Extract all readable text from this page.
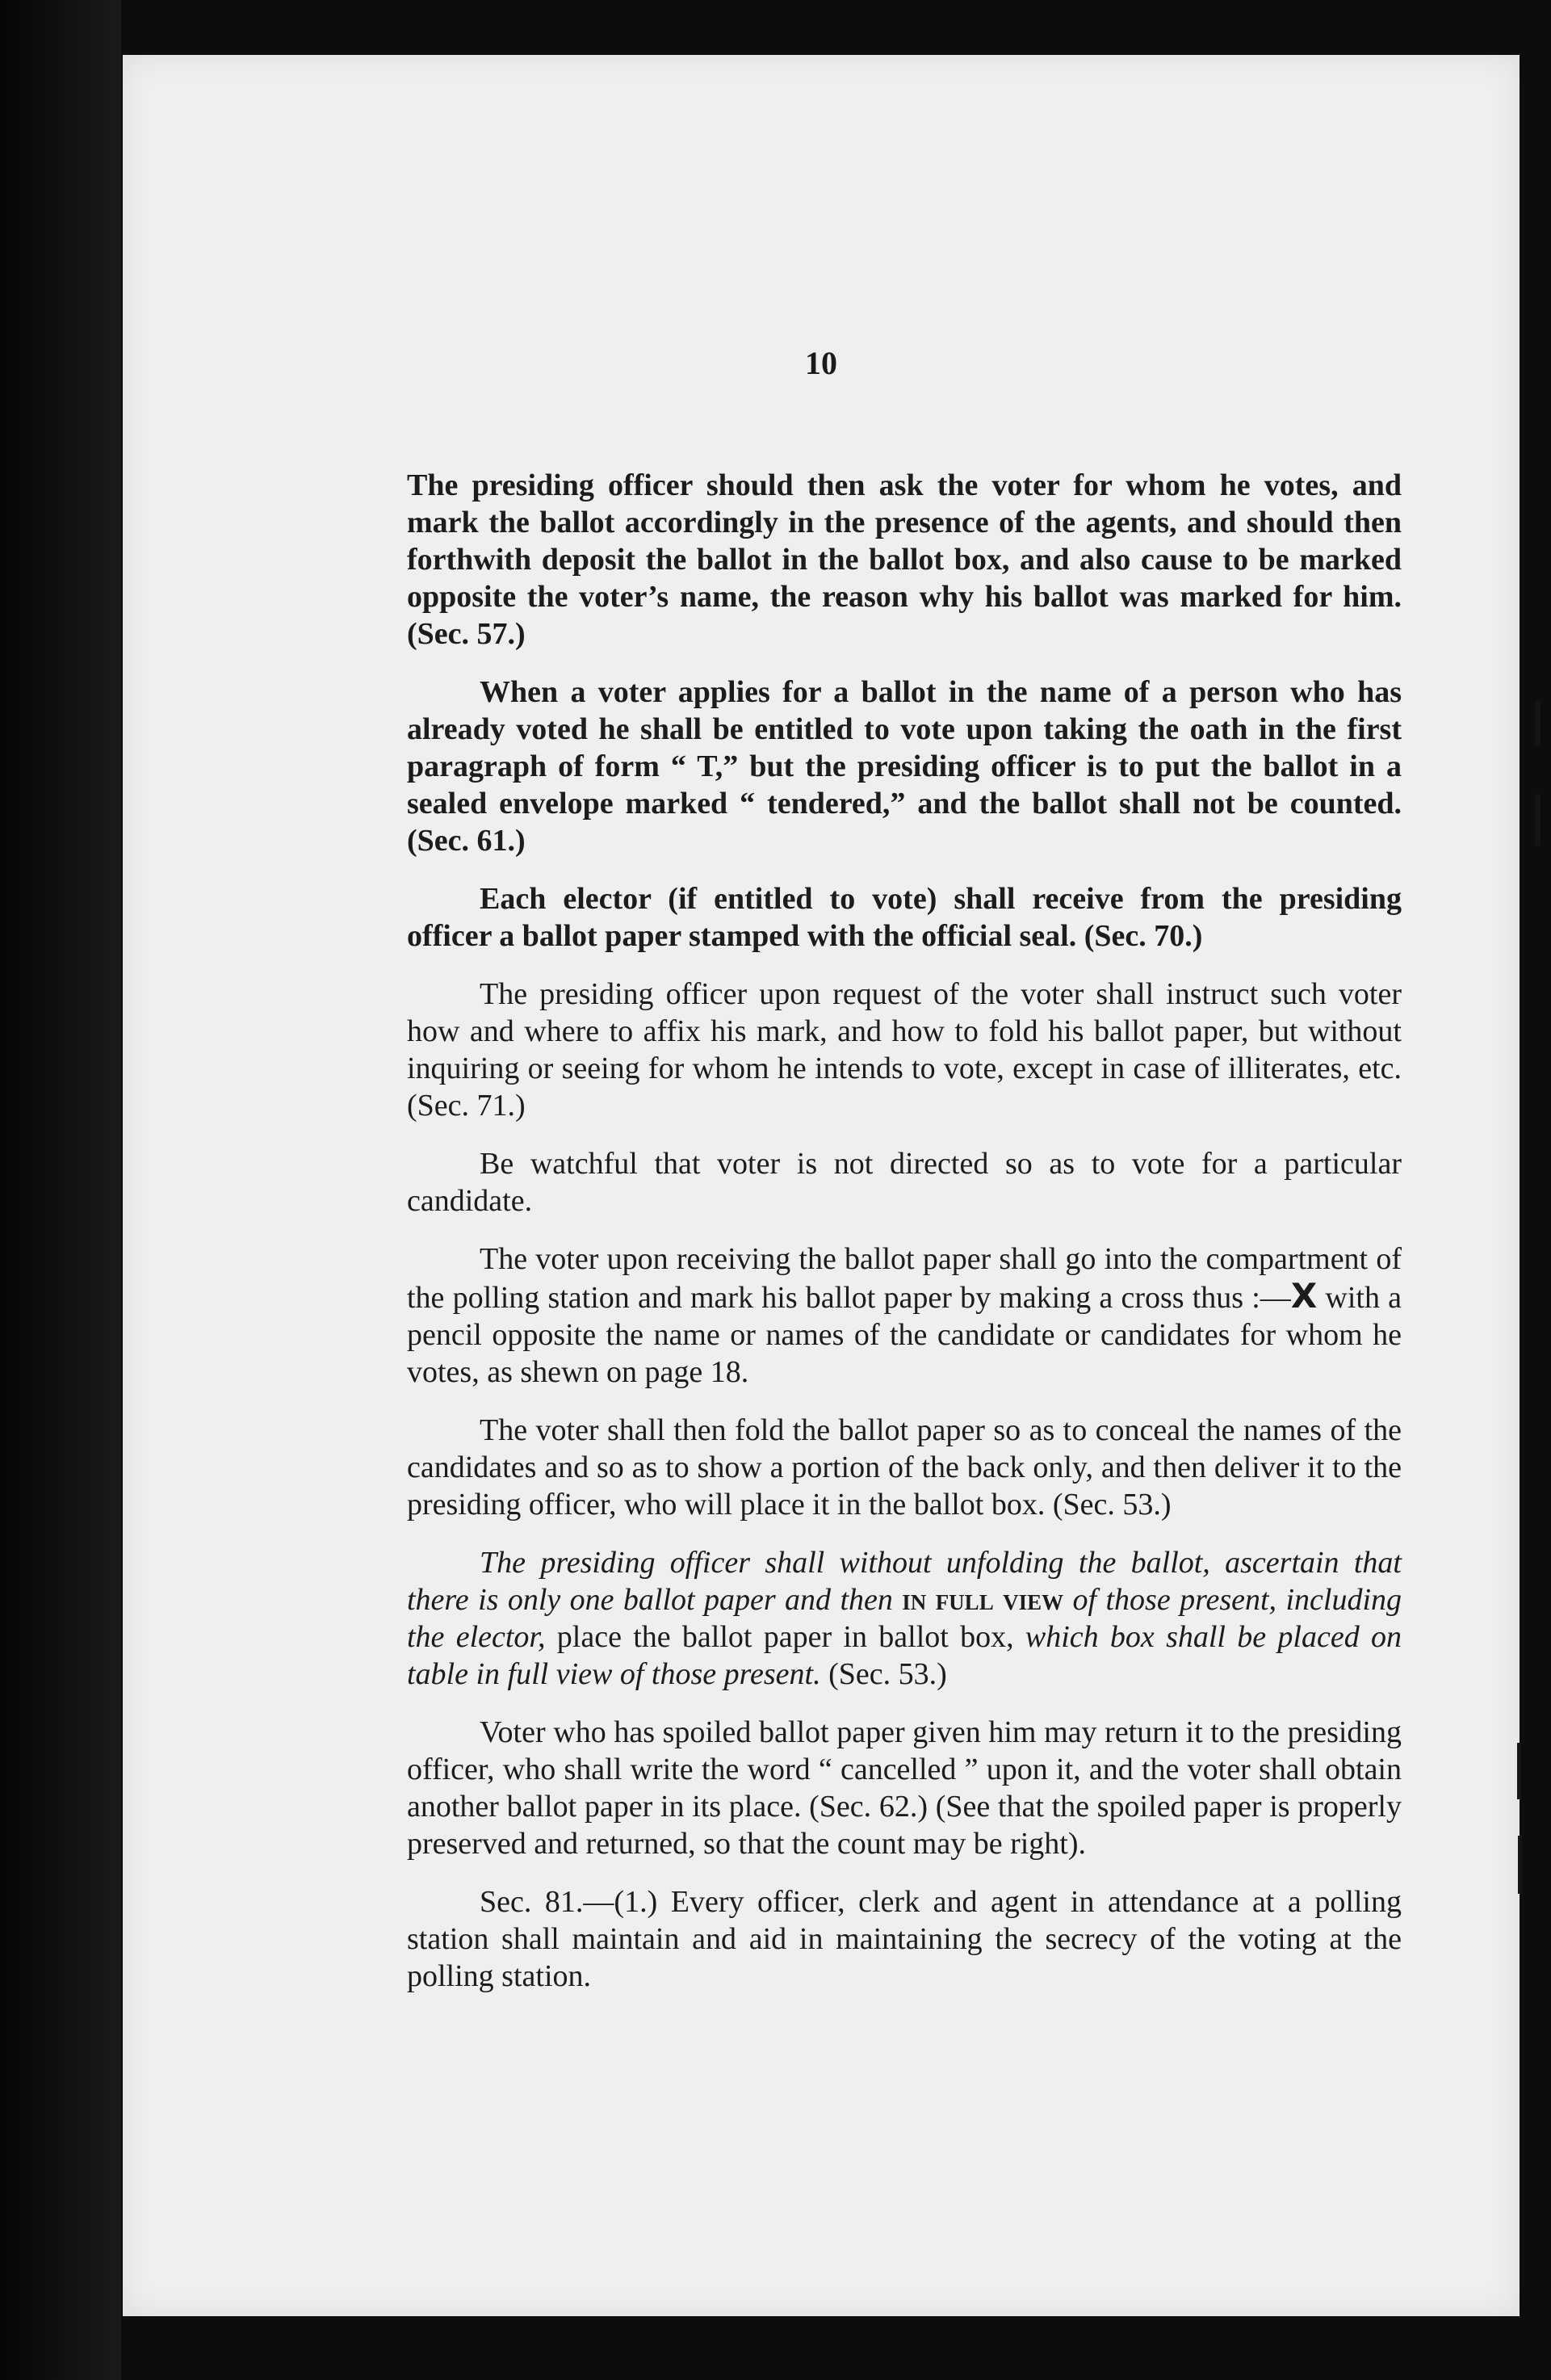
10

The presiding officer should then ask the voter for whom he votes, and mark the ballot accordingly in the presence of the agents, and should then forthwith deposit the ballot in the ballot box, and also cause to be marked opposite the voter’s name, the reason why his ballot was marked for him. (Sec. 57.)

When a voter applies for a ballot in the name of a person who has already voted he shall be entitled to vote upon taking the oath in the first paragraph of form “ T,” but the presiding officer is to put the ballot in a sealed envelope marked “ tendered,” and the ballot shall not be counted. (Sec. 61.)

Each elector (if entitled to vote) shall receive from the presiding officer a ballot paper stamped with the official seal. (Sec. 70.)

The presiding officer upon request of the voter shall instruct such voter how and where to affix his mark, and how to fold his ballot paper, but without inquiring or seeing for whom he intends to vote, except in case of illiterates, etc. (Sec. 71.)

Be watchful that voter is not directed so as to vote for a particular candidate.

The voter upon receiving the ballot paper shall go into the compartment of the polling station and mark his ballot paper by making a cross thus :—X with a pencil opposite the name or names of the candidate or candidates for whom he votes, as shewn on page 18.

The voter shall then fold the ballot paper so as to conceal the names of the candidates and so as to show a portion of the back only, and then deliver it to the presiding officer, who will place it in the ballot box. (Sec. 53.)

The presiding officer shall without unfolding the ballot, ascertain that there is only one ballot paper and then in full view of those present, including the elector, place the ballot paper in ballot box, which box shall be placed on table in full view of those present. (Sec. 53.)

Voter who has spoiled ballot paper given him may return it to the presiding officer, who shall write the word “ cancelled ” upon it, and the voter shall obtain another ballot paper in its place. (Sec. 62.) (See that the spoiled paper is properly preserved and returned, so that the count may be right).

Sec. 81.—(1.) Every officer, clerk and agent in attendance at a polling station shall maintain and aid in maintaining the secrecy of the voting at the polling station.
